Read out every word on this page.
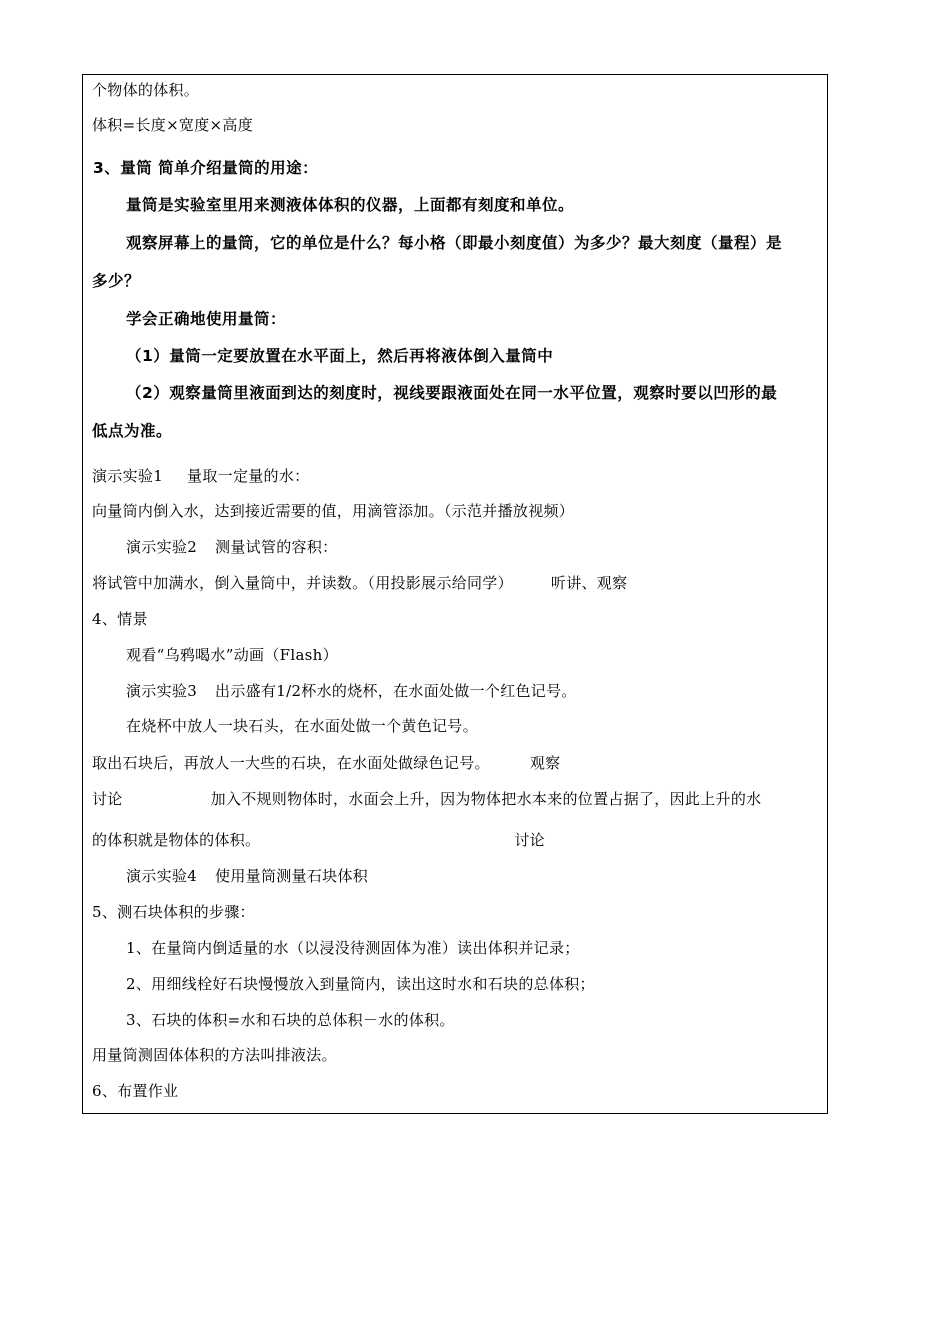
个物体的体积。
体积=长度×宽度×高度
3、量筒 简单介绍量筒的用途：
量筒是实验室里用来测液体体积的仪器，上面都有刻度和单位。
观察屏幕上的量筒，它的单位是什么？每小格（即最小刻度值）为多少？最大刻度（量程）是
多少？
学会正确地使用量筒：
（1）量筒一定要放置在水平面上，然后再将液体倒入量筒中
（2）观察量筒里液面到达的刻度时，视线要跟液面处在同一水平位置，观察时要以凹形的最
低点为准。
演示实验1 量取一定量的水：
向量筒内倒入水，达到接近需要的值，用滴管添加。（示范并播放视频）
演示实验2 测量试管的容积：
将试管中加满水，倒入量筒中，并读数。（用投影展示给同学）	听讲、观察
4、情景
观看“乌鸦喝水”动画（Flash）
演示实验3 出示盛有1/2杯水的烧杯，在水面处做一个红色记号。
在烧杯中放人一块石头，在水面处做一个黄色记号。
取出石块后，再放人一大些的石块，在水面处做绿色记号。	观察
讨论	加入不规则物体时，水面会上升，因为物体把水本来的位置占据了，因此上升的水
的体积就是物体的体积。	讨论
演示实验4 使用量筒测量石块体积
5、测石块体积的步骤：
1、在量筒内倒适量的水（以浸没待测固体为准）读出体积并记录；
2、用细线栓好石块慢慢放入到量筒内，读出这时水和石块的总体积；
3、石块的体积=水和石块的总体积－水的体积。
用量筒测固体体积的方法叫排液法。
6、布置作业
